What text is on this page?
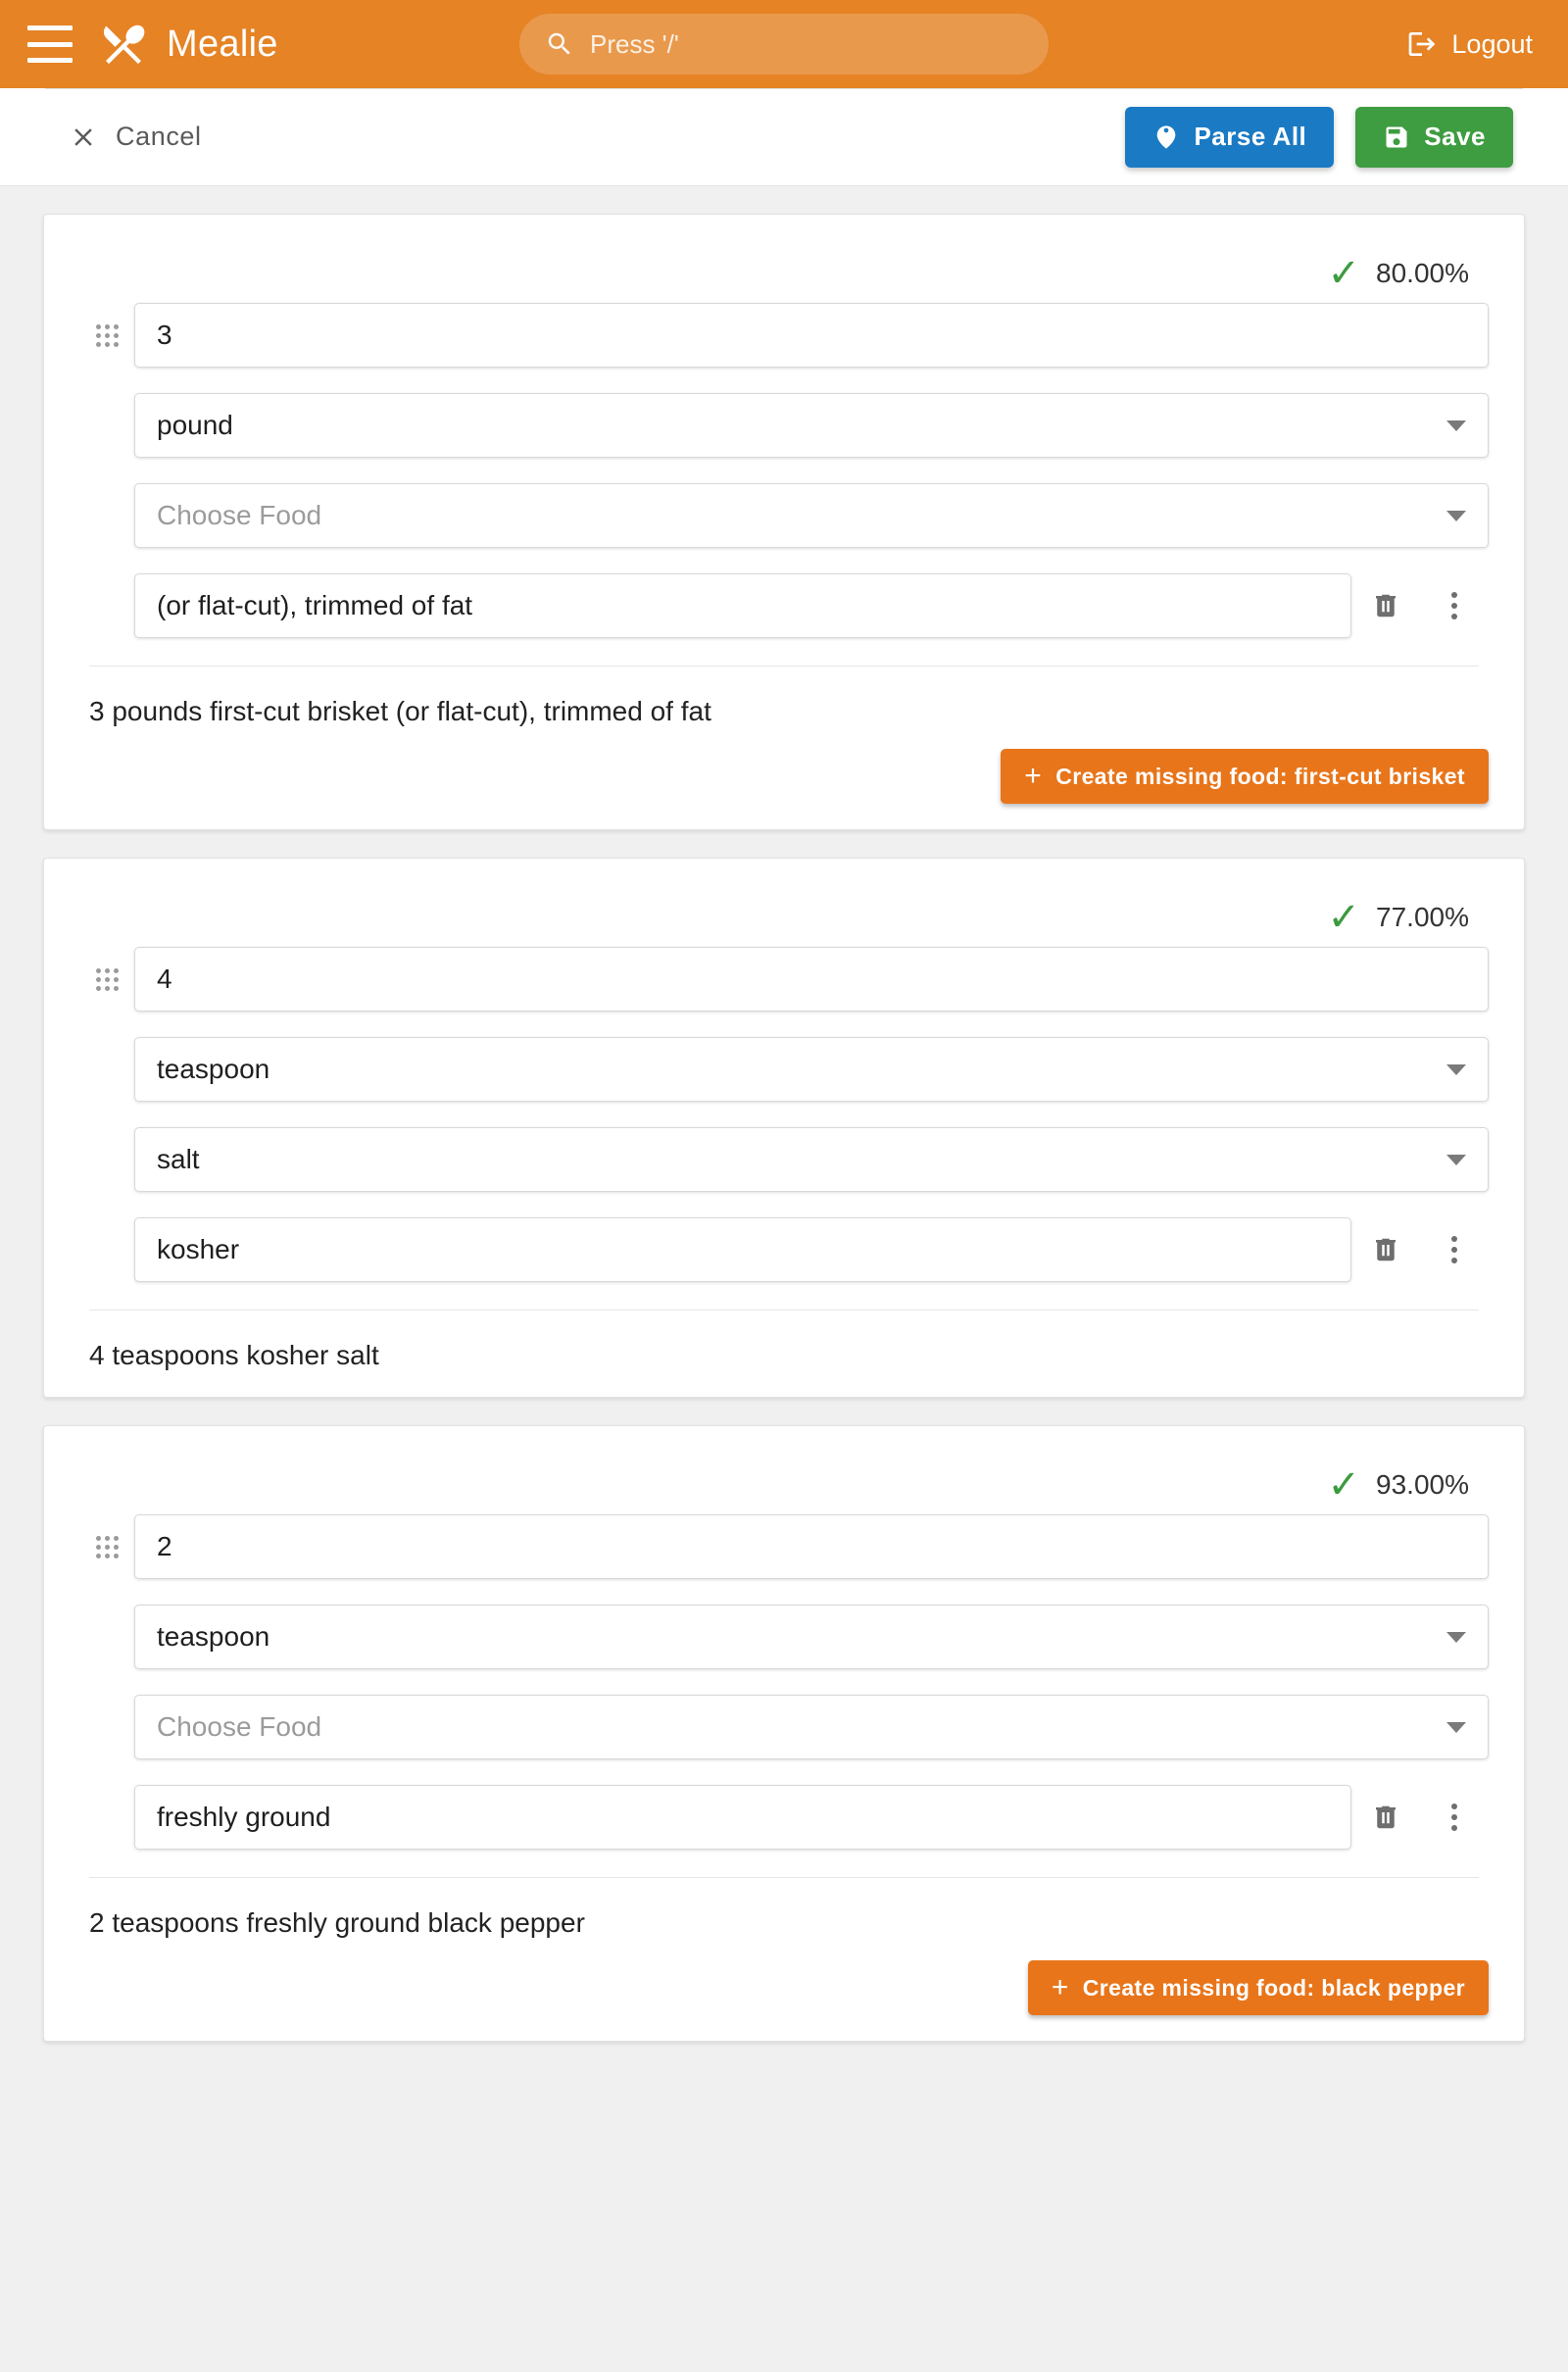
Mealie	Press '/'	Logout
Cancel	Parse All	Save
✓ 80.00%
3
pound
Choose Food
(or flat-cut), trimmed of fat
3 pounds first-cut brisket (or flat-cut), trimmed of fat
+ Create missing food: first-cut brisket
✓ 77.00%
4
teaspoon
salt
kosher
4 teaspoons kosher salt
✓ 93.00%
2
teaspoon
Choose Food
freshly ground
2 teaspoons freshly ground black pepper
+ Create missing food: black pepper
